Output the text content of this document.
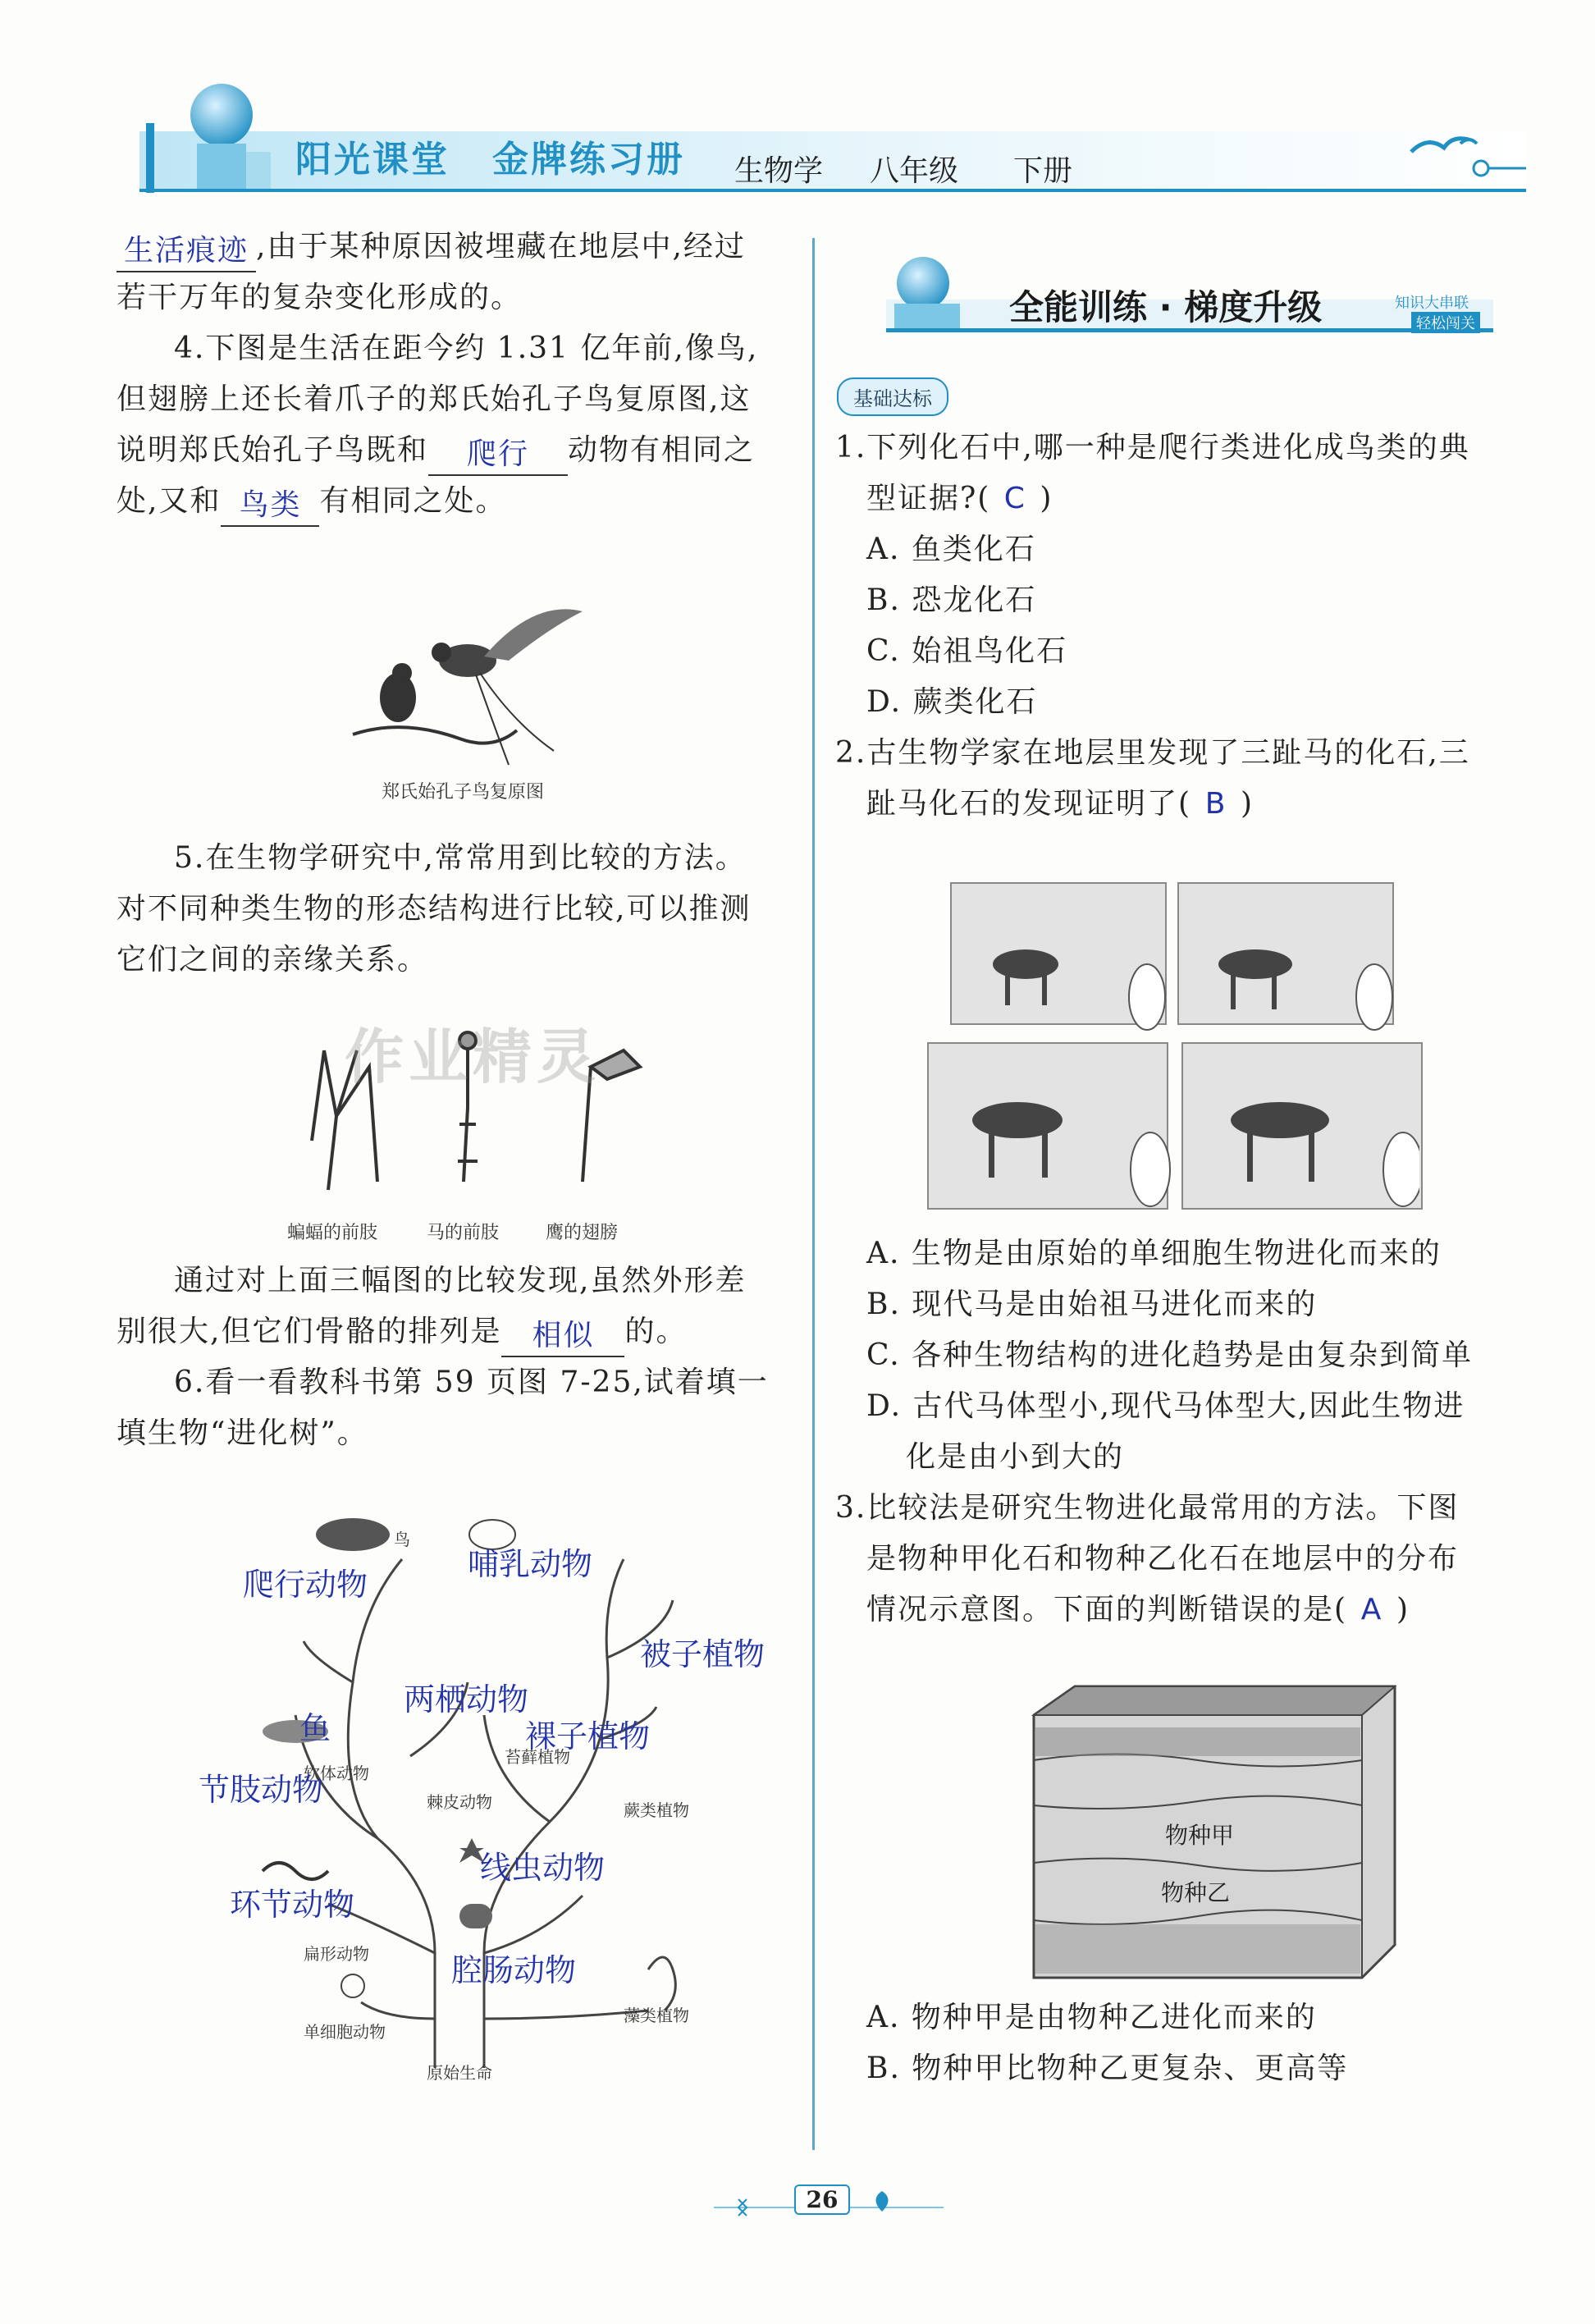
阳光课堂 金牌练习册 生物学 八年级 下册
生活痕迹 ,由于某种原因被埋藏在地层中,经过
若干万年的复杂变化形成的。
4.下图是生活在距今约 1.31 亿年前,像鸟,
但翅膀上还长着爪子的郑氏始孔子鸟复原图,这
说明郑氏始孔子鸟既和 爬行 动物有相同之
处,又和 鸟类 有相同之处。
郑氏始孔子鸟复原图
5.在生物学研究中,常常用到比较的方法。
对不同种类生物的形态结构进行比较,可以推测
它们之间的亲缘关系。
蝙蝠的前肢	马的前肢	鹰的翅膀
作业精灵
通过对上面三幅图的比较发现,虽然外形差
别很大,但它们骨骼的排列是 相似 的。
6.看一看教科书第 59 页图 7-25,试着填一
填生物“进化树”。
鸟
爬行动物
哺乳动物
被子植物
两栖动物
鱼	裸子植物
软体动物
苔藓植物
节肢动物	棘皮动物	蕨类植物
线虫动物
环节动物
扁形动物	腔肠动物
单细胞动物
藻类植物
原始生命
全能训练 · 梯度升级	知识大串联
轻松闯关
基础达标
1.下列化石中,哪一种是爬行类进化成鸟类的典
型证据?( C )
A. 鱼类化石
B. 恐龙化石
C. 始祖鸟化石
D. 蕨类化石
2.古生物学家在地层里发现了三趾马的化石,三
趾马化石的发现证明了( B )
A. 生物是由原始的单细胞生物进化而来的
B. 现代马是由始祖马进化而来的
C. 各种生物结构的进化趋势是由复杂到简单
D. 古代马体型小,现代马体型大,因此生物进
化是由小到大的
3.比较法是研究生物进化最常用的方法。下图
是物种甲化石和物种乙化石在地层中的分布
情况示意图。下面的判断错误的是( A )
物种甲
物种乙
A. 物种甲是由物种乙进化而来的
B. 物种甲比物种乙更复杂、更高等
26
